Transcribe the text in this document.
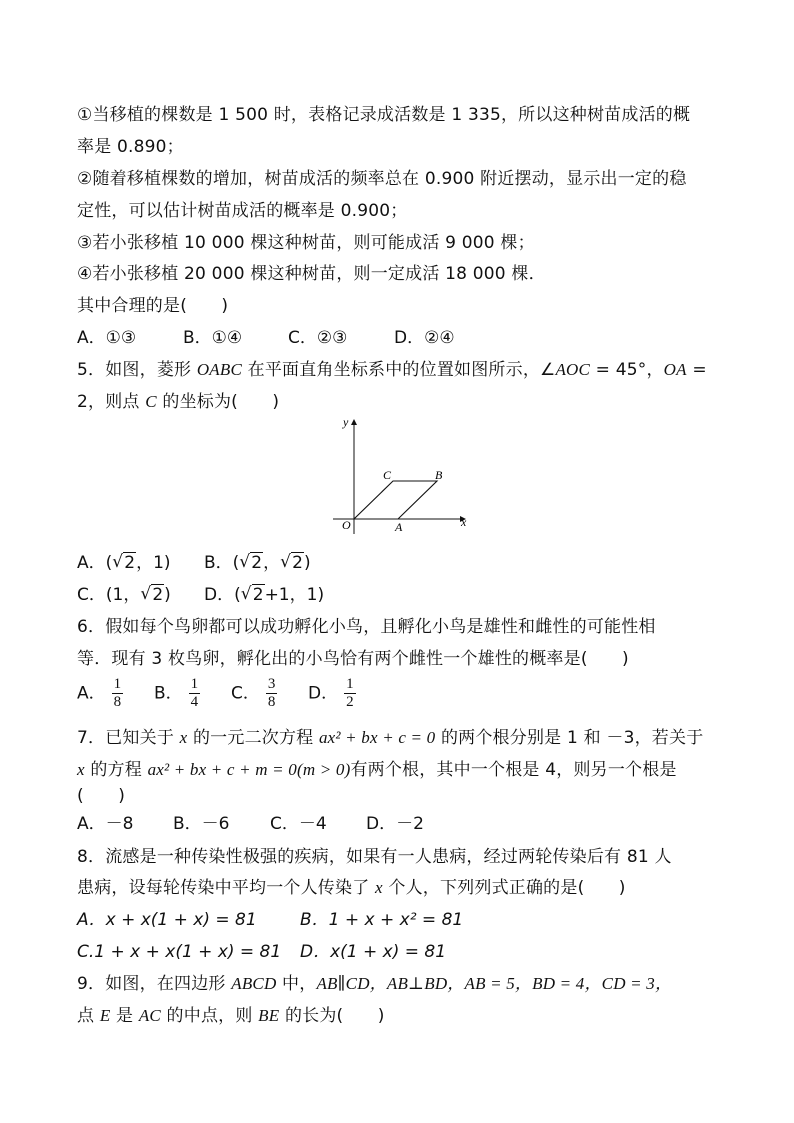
①当移植的棵数是 1 500 时，表格记录成活数是 1 335，所以这种树苗成活的概
率是 0.890；
②随着移植棵数的增加，树苗成活的频率总在 0.900 附近摆动，显示出一定的稳
定性，可以估计树苗成活的概率是 0.900；
③若小张移植 10 000 棵这种树苗，则可能成活 9 000 棵；
④若小张移植 20 000 棵这种树苗，则一定成活 18 000 棵．
其中合理的是(　　)
A．①③	B．①④	C．②③	D．②④
5．如图，菱形 OABC 在平面直角坐标系中的位置如图所示，∠AOC = 45°，OA =
2，则点 C 的坐标为(　　)
y
x
O	A
B
C
A．( √ 2，1) B．( √ 2， √ 2)
C．(1， √ 2) D．( √ 2+1，1)
6．假如每个鸟卵都可以成功孵化小鸟，且孵化小鸟是雄性和雌性的可能性相
等．现有 3 枚鸟卵，孵化出的小鸟恰有两个雌性一个雄性的概率是(　　)
A． $\frac{1}{8}$ B． $\frac{1}{4}$ C． $\frac{3}{8}$ D． $\frac{1}{2}$
7．已知关于 x 的一元二次方程 ax² + bx + c = 0 的两个根分别是 1 和 －3，若关于
x 的方程 ax² + bx + c + m = 0(m > 0)有两个根，其中一个根是 4，则另一个根是
(　　)
A．－8 B．－6 C．－4 D．－2
8．流感是一种传染性极强的疾病，如果有一人患病，经过两轮传染后有 81 人
患病，设每轮传染中平均一个人传染了 x 个人，下列列式正确的是(　　)
A．x + x(1 + x) = 81	B．1 + x + x² = 81
C.1 + x + x(1 + x) = 81 D．x(1 + x) = 81
9．如图，在四边形 ABCD 中，AB∥CD，AB⊥BD，AB = 5，BD = 4，CD = 3，
点 E 是 AC 的中点，则 BE 的长为(　　)
